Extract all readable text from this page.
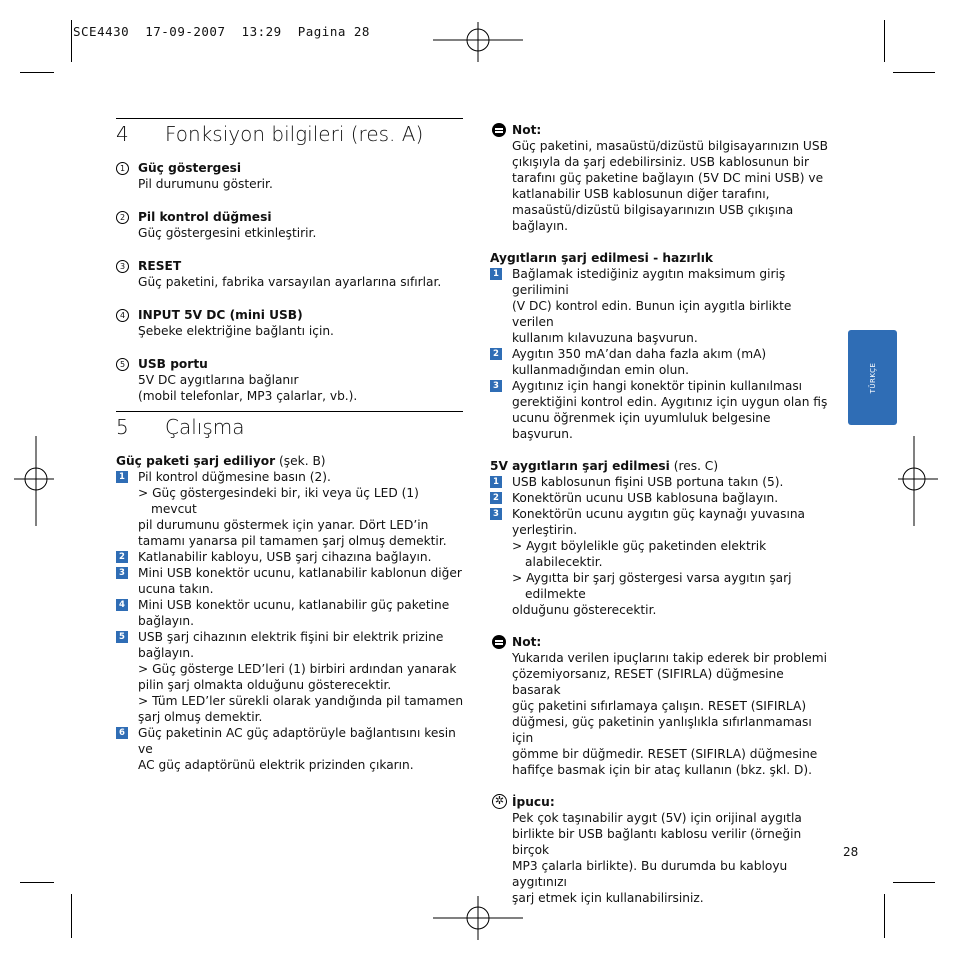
SCE4430  17-09-2007  13:29  Pagina 28
TÜRKÇE
4 Fonksiyon bilgileri (res. A)
1	Güç göstergesi

Pil durumunu gösterir.

2	Pil kontrol düğmesi

Güç göstergesini etkinleştirir.

3	RESET

Güç paketini, fabrika varsayılan ayarlarına sıfırlar.

4	INPUT 5V DC (mini USB)

Şebeke elektriğine bağlantı için.

5	USB portu

5V DC aygıtlarına bağlanır

(mobil telefonlar, MP3 çalarlar, vb.).

5 Çalışma

Güç paketi şarj ediliyor (şek. B)

1 Pil kontrol düğmesine basın (2).

> Güç göstergesindeki bir, iki veya üç LED (1) mevcut

pil durumunu göstermek için yanar. Dört LED’in

tamamı yanarsa pil tamamen şarj olmuş demektir.

2 Katlanabilir kabloyu, USB şarj cihazına bağlayın.

3 Mini USB konektör ucunu, katlanabilir kablonun diğer

ucuna takın.

4 Mini USB konektör ucunu, katlanabilir güç paketine

bağlayın.

5 USB şarj cihazının elektrik fişini bir elektrik prizine

bağlayın.

> Güç gösterge LED’leri (1) birbiri ardından yanarak

pilin şarj olmakta olduğunu gösterecektir.

> Tüm LED’ler sürekli olarak yandığında pil tamamen

şarj olmuş demektir.

6 Güç paketinin AC güç adaptörüyle bağlantısını kesin ve

AC güç adaptörünü elektrik prizinden çıkarın.

Not:

Güç paketini, masaüstü/dizüstü bilgisayarınızın USB

çıkışıyla da şarj edebilirsiniz. USB kablosunun bir

tarafını güç paketine bağlayın (5V DC mini USB) ve

katlanabilir USB kablosunun diğer tarafını,

masaüstü/dizüstü bilgisayarınızın USB çıkışına bağlayın.

Aygıtların şarj edilmesi - hazırlık

1 Bağlamak istediğiniz aygıtın maksimum giriş gerilimini

(V DC) kontrol edin. Bunun için aygıtla birlikte verilen

kullanım kılavuzuna başvurun.

2 Aygıtın 350 mA’dan daha fazla akım (mA)

kullanmadığından emin olun.

3 Aygıtınız için hangi konektör tipinin kullanılması

gerektiğini kontrol edin. Aygıtınız için uygun olan fiş

ucunu öğrenmek için uyumluluk belgesine başvurun.

5V aygıtların şarj edilmesi (res. C)

1 USB kablosunun fişini USB portuna takın (5).

2 Konektörün ucunu USB kablosuna bağlayın.

3 Konektörün ucunu aygıtın güç kaynağı yuvasına

yerleştirin.

> Aygıt böylelikle güç paketinden elektrik alabilecektir.

> Aygıtta bir şarj göstergesi varsa aygıtın şarj edilmekte

olduğunu gösterecektir.

Not:

Yukarıda verilen ipuçlarını takip ederek bir problemi

çözemiyorsanız, RESET (SIFIRLA) düğmesine basarak

güç paketini sıfırlamaya çalışın. RESET (SIFIRLA)

düğmesi, güç paketinin yanlışlıkla sıfırlanmaması için

gömme bir düğmedir. RESET (SIFIRLA) düğmesine

hafifçe basmak için bir ataç kullanın (bkz. şkl. D).

✲ İpucu:

Pek çok taşınabilir aygıt (5V) için orijinal aygıtla

birlikte bir USB bağlantı kablosu verilir (örneğin birçok

MP3 çalarla birlikte). Bu durumda bu kabloyu aygıtınızı

şarj etmek için kullanabilirsiniz.

28
